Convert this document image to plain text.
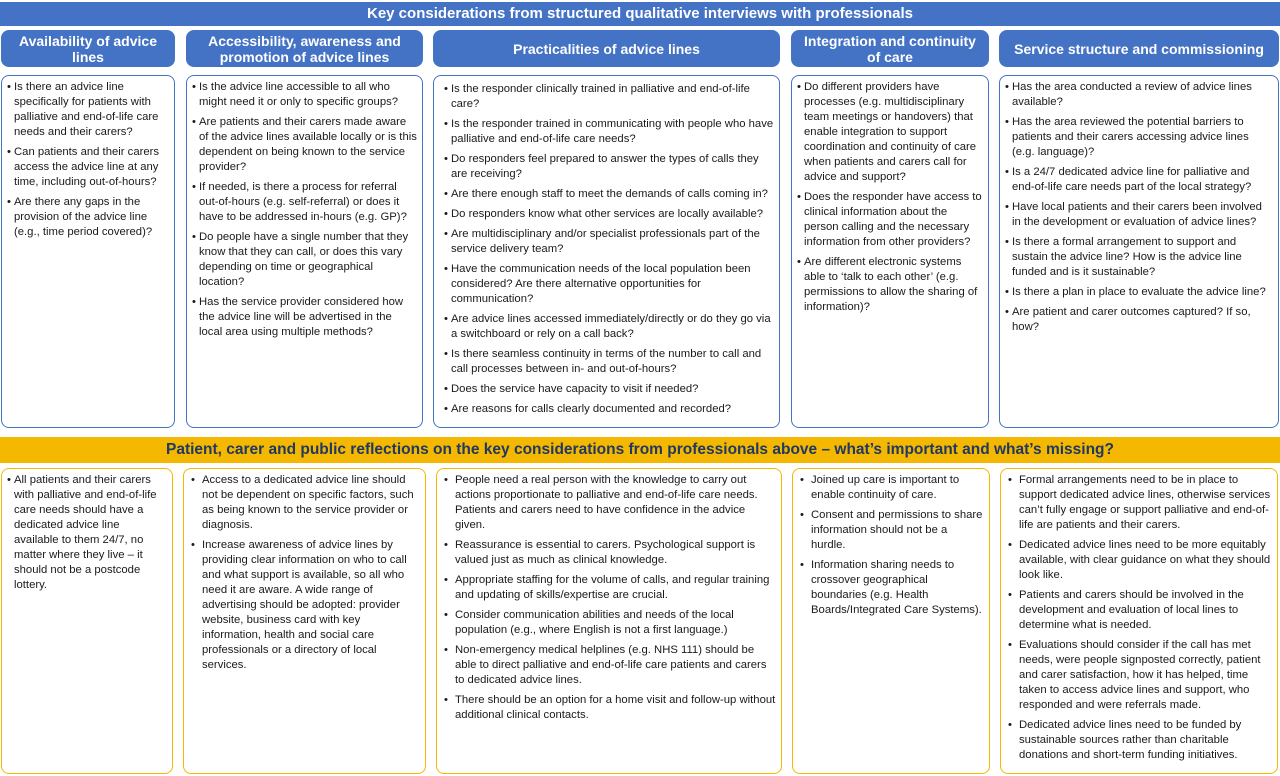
Key considerations from structured qualitative interviews with professionals
Availability of advice lines
Accessibility, awareness and promotion of advice lines	Practicalities of advice lines	Integration and continuity of care	Service structure and commissioning
• Is there an advice line specifically for patients with palliative and end-of-life care needs and their carers?
• Can patients and their carers access the advice line at any time, including out-of-hours?
• Are there any gaps in the provision of the advice line (e.g., time period covered)?
• Is the advice line accessible to all who might need it or only to specific groups?
• Are patients and their carers made aware of the advice lines available locally or is this dependent on being known to the service provider?
• If needed, is there a process for referral out-of-hours (e.g. self-referral) or does it have to be addressed in-hours (e.g. GP)?
• Do people have a single number that they know that they can call, or does this vary depending on time or geographical location?
• Has the service provider considered how the advice line will be advertised in the local area using multiple methods?
• Is the responder clinically trained in palliative and end-of-life care?
• Is the responder trained in communicating with people who have palliative and end-of-life care needs?
• Do responders feel prepared to answer the types of calls they are receiving?
• Are there enough staff to meet the demands of calls coming in?
• Do responders know what other services are locally available?
• Are multidisciplinary and/or specialist professionals part of the service delivery team?
• Have the communication needs of the local population been considered? Are there alternative opportunities for communication?
• Are advice lines accessed immediately/directly or do they go via a switchboard or rely on a call back?
• Is there seamless continuity in terms of the number to call and call processes between in- and out-of-hours?
• Does the service have capacity to visit if needed?
• Are reasons for calls clearly documented and recorded?
• Do different providers have processes (e.g. multidisciplinary team meetings or handovers) that enable integration to support coordination and continuity of care when patients and carers call for advice and support?
• Does the responder have access to clinical information about the person calling and the necessary information from other providers?
• Are different electronic systems able to ‘talk to each other’ (e.g. permissions to allow the sharing of information)?
• Has the area conducted a review of advice lines available?
• Has the area reviewed the potential barriers to patients and their carers accessing advice lines (e.g. language)?
• Is a 24/7 dedicated advice line for palliative and end-of-life care needs part of the local strategy?
• Have local patients and their carers been involved in the development or evaluation of advice lines?
• Is there a formal arrangement to support and sustain the advice line? How is the advice line funded and is it sustainable?
• Is there a plan in place to evaluate the advice line?
• Are patient and carer outcomes captured? If so, how?
Patient, carer and public reflections on the key considerations from professionals above – what’s important and what’s missing?
• All patients and their carers with palliative and end-of-life care needs should have a dedicated advice line available to them 24/7, no matter where they live – it should not be a postcode lottery.
• Access to a dedicated advice line should not be dependent on specific factors, such as being known to the service provider or diagnosis.
• Increase awareness of advice lines by providing clear information on who to call and what support is available, so all who need it are aware. A wide range of advertising should be adopted: provider website, business card with key information, health and social care professionals or a directory of local services.
• People need a real person with the knowledge to carry out actions proportionate to palliative and end-of-life care needs. Patients and carers need to have confidence in the advice given.
• Reassurance is essential to carers. Psychological support is valued just as much as clinical knowledge.
• Appropriate staffing for the volume of calls, and regular training and updating of skills/expertise are crucial.
• Consider communication abilities and needs of the local population (e.g., where English is not a first language.)
• Non-emergency medical helplines (e.g. NHS 111) should be able to direct palliative and end-of-life care patients and carers to dedicated advice lines.
• There should be an option for a home visit and follow-up without additional clinical contacts.
• Joined up care is important to enable continuity of care.
• Consent and permissions to share information should not be a hurdle.
• Information sharing needs to crossover geographical boundaries (e.g. Health Boards/Integrated Care Systems).
• Formal arrangements need to be in place to support dedicated advice lines, otherwise services can’t fully engage or support palliative and end-of-life are patients and their carers.
• Dedicated advice lines need to be more equitably available, with clear guidance on what they should look like.
• Patients and carers should be involved in the development and evaluation of local lines to determine what is needed.
• Evaluations should consider if the call has met needs, were people signposted correctly, patient and carer satisfaction, how it has helped, time taken to access advice lines and support, who responded and were referrals made.
• Dedicated advice lines need to be funded by sustainable sources rather than charitable donations and short-term funding initiatives.
